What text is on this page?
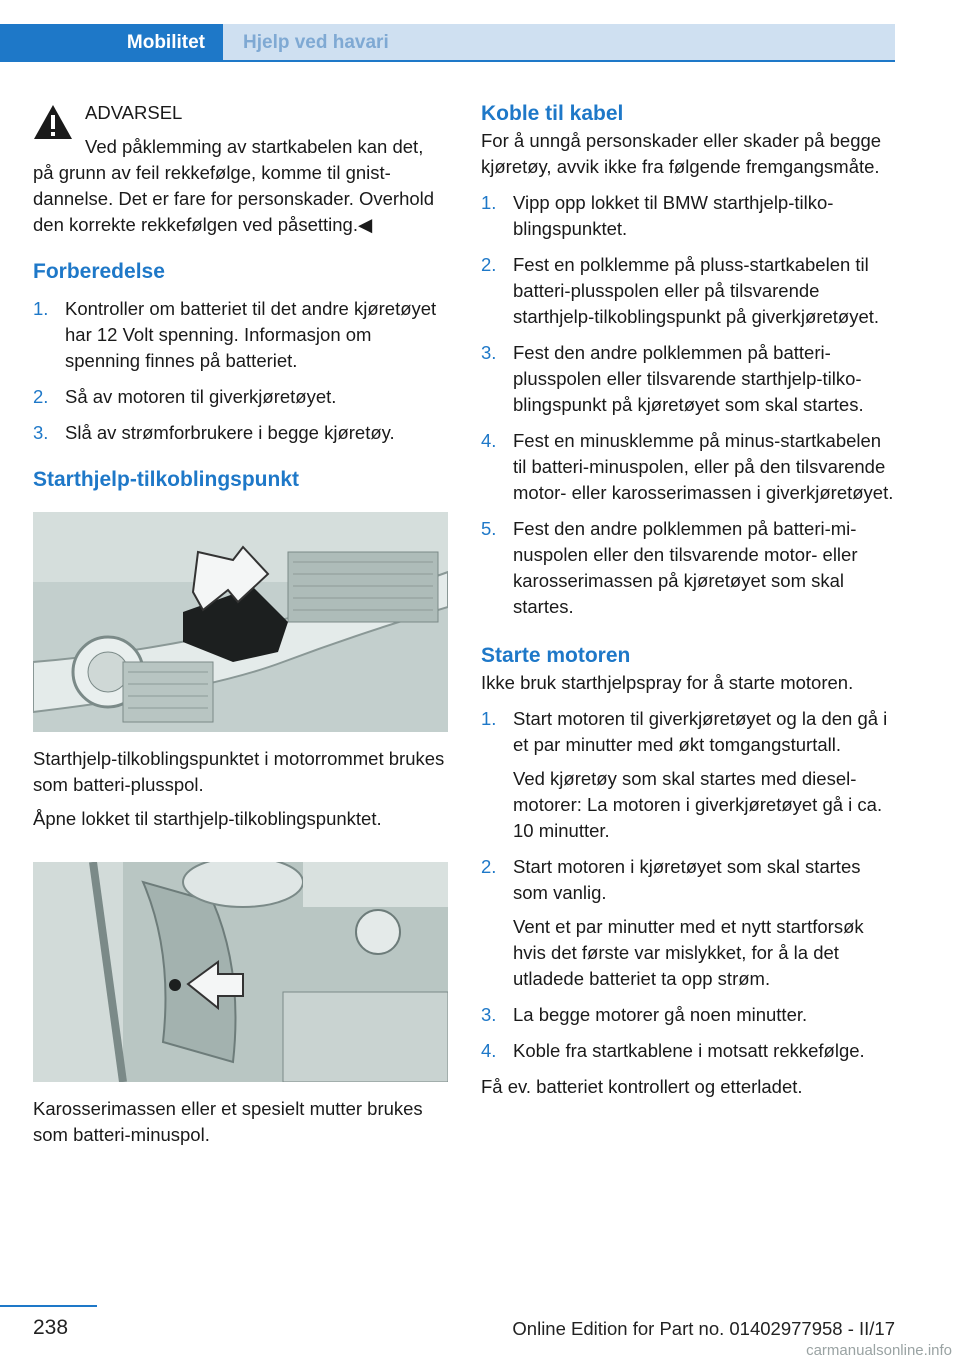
Mobilitet	Hjelp ved havari

ADVARSEL

Ved påklemming av startkabelen kan det, på grunn av feil rekkefølge, komme til gnistdannelse. Det er fare for personskader. Overhold den korrekte rekkefølgen ved påsetting.◀

Forberedelse
1. Kontroller om batteriet til det andre kjøretøyet har 12 Volt spenning. Informasjon om spenning finnes på batteriet.
2. Så av motoren til giverkjøretøyet.
3. Slå av strømforbrukere i begge kjøretøy.
Starthjelp-tilkoblingspunkt

Starthjelp-tilkoblingspunktet i motorrommet brukes som batteri-plusspol.

Åpne lokket til starthjelp-tilkoblingspunktet.

Karosserimassen eller et spesielt mutter brukes som batteri-minuspol.

Koble til kabel

For å unngå personskader eller skader på begge kjøretøy, avvik ikke fra følgende fremgangsmåte.

1. Vipp opp lokket til BMW starthjelp-tilkoblingspunktet.
2. Fest en polklemme på pluss-startkabelen til batteri-plusspolen eller på tilsvarende starthjelp-tilkoblingspunkt på giverkjøretøyet.
3. Fest den andre polklemmen på batteri-plusspolen eller tilsvarende starthjelp-tilkoblingspunkt på kjøretøyet som skal startes.
4. Fest en minusklemme på minus-startkabelen til batteri-minuspolen, eller på den tilsvarende motor- eller karosserimassen i giverkjøretøyet.
5. Fest den andre polklemmen på batteri-minuspolen eller den tilsvarende motor- eller karosserimassen på kjøretøyet som skal startes.
Starte motoren

Ikke bruk starthjelpspray for å starte motoren.

1. Start motoren til giverkjøretøyet og la den gå i et par minutter med økt tomgangsturtall.
Ved kjøretøy som skal startes med dieselmotorer: La motoren i giverkjøretøyet gå i ca. 10 minutter.
2. Start motoren i kjøretøyet som skal startes som vanlig.
Vent et par minutter med et nytt startforsøk hvis det første var mislykket, for å la det utladede batteriet ta opp strøm.
3. La begge motorer gå noen minutter.
4. Koble fra startkablene i motsatt rekkefølge.

Få ev. batteriet kontrollert og etterladet.

238	Online Edition for Part no. 01402977958 - II/17
carmanualsonline.info
